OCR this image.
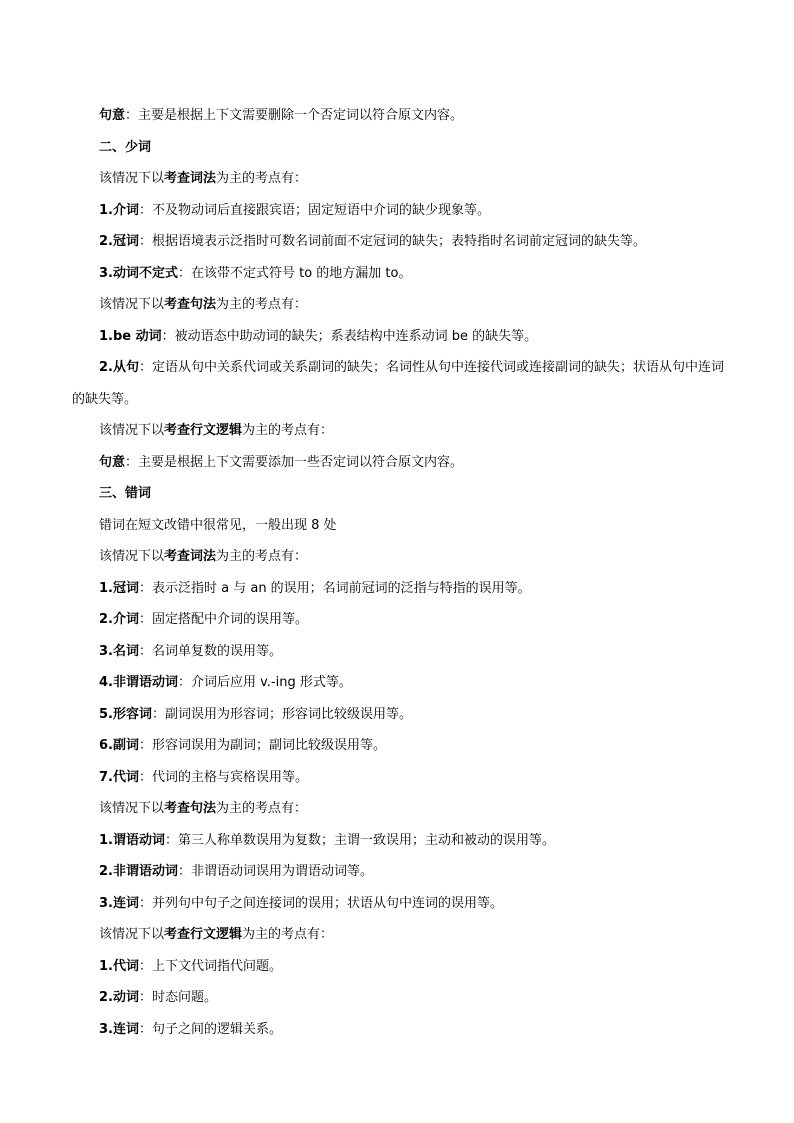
句意：主要是根据上下文需要删除一个否定词以符合原文内容。
二、少词
该情况下以考查词法为主的考点有：
1.介词：不及物动词后直接跟宾语；固定短语中介词的缺少现象等。
2.冠词：根据语境表示泛指时可数名词前面不定冠词的缺失；表特指时名词前定冠词的缺失等。
3.动词不定式：在该带不定式符号 to 的地方漏加 to。
该情况下以考查句法为主的考点有：
1.be 动词：被动语态中助动词的缺失；系表结构中连系动词 be 的缺失等。
2.从句：定语从句中关系代词或关系副词的缺失；名词性从句中连接代词或连接副词的缺失；状语从句中连词的缺失等。
该情况下以考查行文逻辑为主的考点有：
句意：主要是根据上下文需要添加一些否定词以符合原文内容。
三、错词
错词在短文改错中很常见，一般出现 8 处
该情况下以考查词法为主的考点有：
1.冠词：表示泛指时 a 与 an 的误用；名词前冠词的泛指与特指的误用等。
2.介词：固定搭配中介词的误用等。
3.名词：名词单复数的误用等。
4.非谓语动词：介词后应用 v.-ing 形式等。
5.形容词：副词误用为形容词；形容词比较级误用等。
6.副词：形容词误用为副词；副词比较级误用等。
7.代词：代词的主格与宾格误用等。
该情况下以考查句法为主的考点有：
1.谓语动词：第三人称单数误用为复数；主谓一致误用；主动和被动的误用等。
2.非谓语动词：非谓语动词误用为谓语动词等。
3.连词：并列句中句子之间连接词的误用；状语从句中连词的误用等。
该情况下以考查行文逻辑为主的考点有：
1.代词：上下文代词指代问题。
2.动词：时态问题。
3.连词：句子之间的逻辑关系。
